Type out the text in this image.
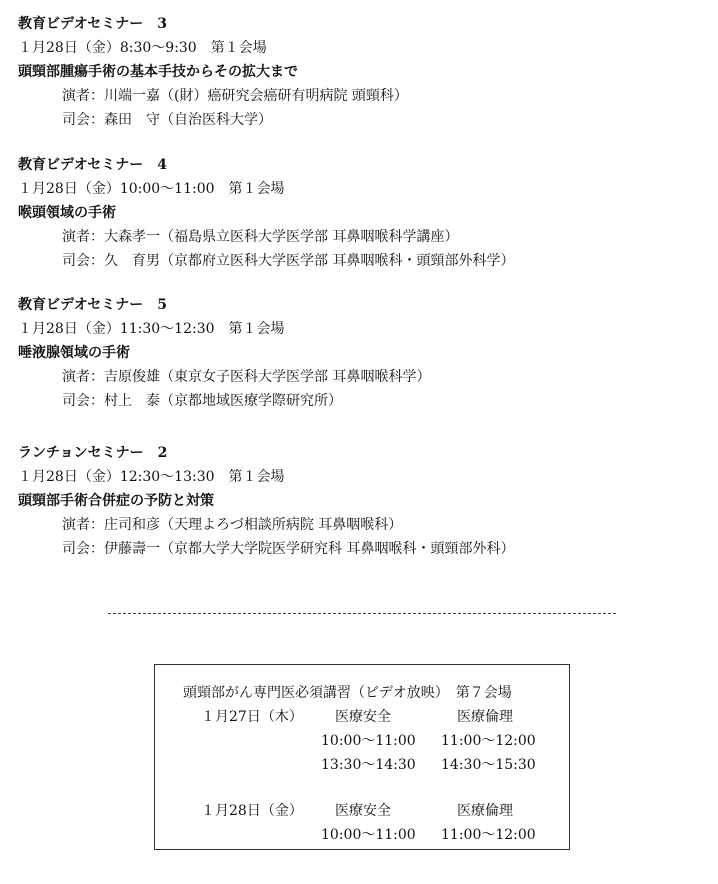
教育ビデオセミナー　3
１月28日（金）8:30～9:30　第１会場
頭頸部腫瘍手術の基本手技からその拡大まで
演者：川端一嘉（(財）癌研究会癌研有明病院 頭頸科）
司会：森田　守（自治医科大学）
教育ビデオセミナー　4
１月28日（金）10:00～11:00　第１会場
喉頭領域の手術
演者：大森孝一（福島県立医科大学医学部 耳鼻咽喉科学講座）
司会：久　育男（京都府立医科大学医学部 耳鼻咽喉科・頭頸部外科学）
教育ビデオセミナー　5
１月28日（金）11:30～12:30　第１会場
唾液腺領域の手術
演者：吉原俊雄（東京女子医科大学医学部 耳鼻咽喉科学）
司会：村上　泰（京都地域医療学際研究所）
ランチョンセミナー　2
１月28日（金）12:30～13:30　第１会場
頭頸部手術合併症の予防と対策
演者：庄司和彦（天理よろづ相談所病院 耳鼻咽喉科）
司会：伊藤壽一（京都大学大学院医学研究科 耳鼻咽喉科・頭頸部外科）
頭頸部がん専門医必須講習（ビデオ放映）　第７会場
１月27日（木） 医療安全	医療倫理
10:00～11:00 11:00～12:00
13:30～14:30 14:30～15:30
１月28日（金） 医療安全	医療倫理
10:00～11:00 11:00～12:00
